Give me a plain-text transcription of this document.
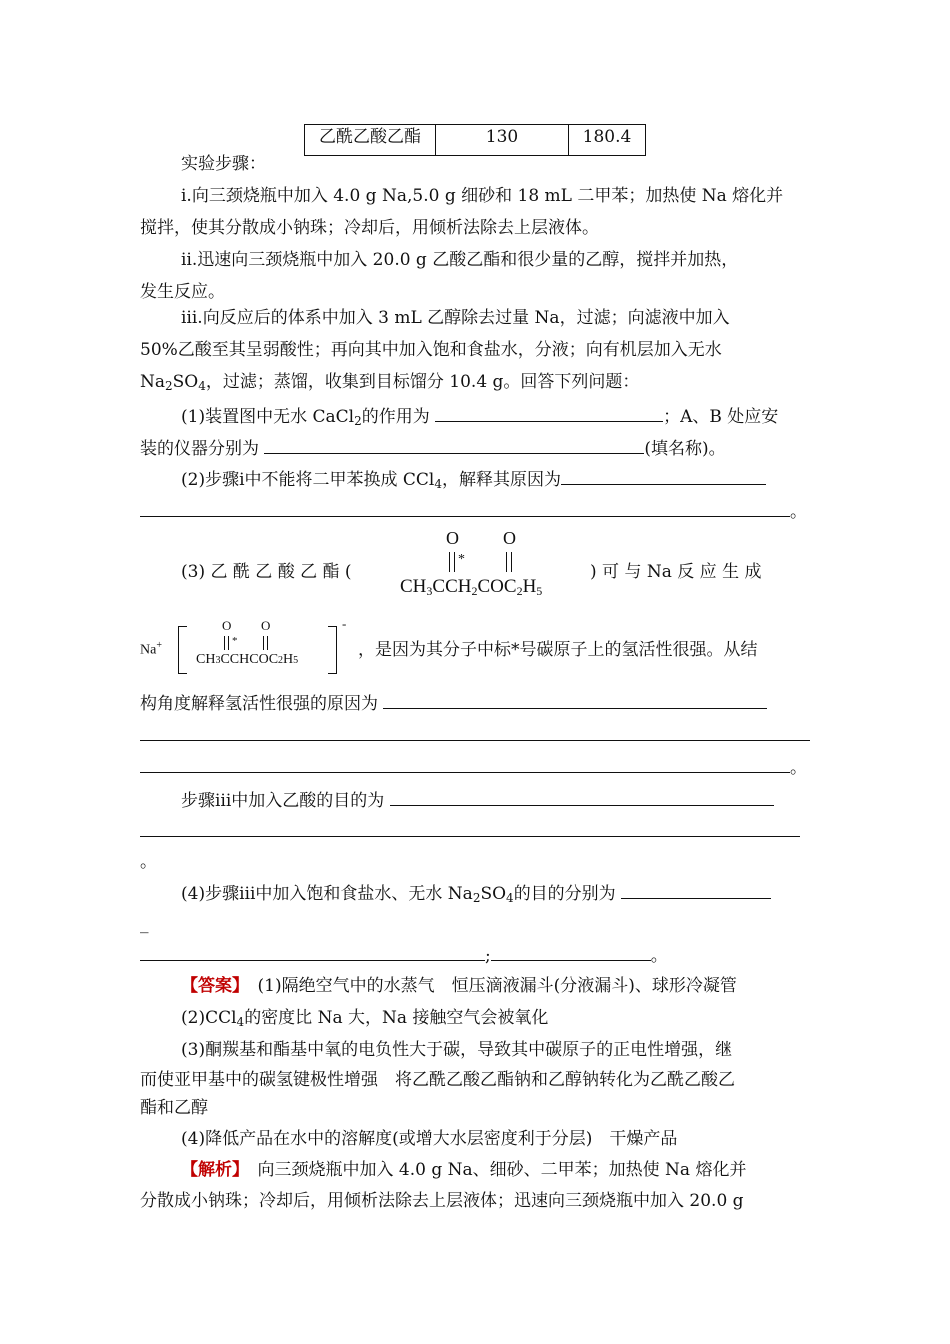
乙酰乙酸乙酯	130	180.4
实验步骤：
ⅰ.向三颈烧瓶中加入 4.0 g Na,5.0 g 细砂和 18 mL 二甲苯；加热使 Na 熔化并
搅拌，使其分散成小钠珠；冷却后，用倾析法除去上层液体。
ⅱ.迅速向三颈烧瓶中加入 20.0 g 乙酸乙酯和很少量的乙醇，搅拌并加热，
发生反应。
ⅲ.向反应后的体系中加入 3 mL 乙醇除去过量 Na，过滤；向滤液中加入
50%乙酸至其呈弱酸性；再向其中加入饱和食盐水，分液；向有机层加入无水
$Na_2SO_4$，过滤；蒸馏，收集到目标馏分 10.4 g。回答下列问题：
(1)装置图中无水 CaCl$_2$的作用为	；A、B 处应安
装的仪器分别为	(填名称)。
(2)步骤ⅰ中不能将二甲苯换成 CCl$_4$，解释其原因为
。
(3) 乙 酰 乙 酸 乙 酯 (
O O
*
$CH_3CCH_2COC_2H_5$
) 可 与 Na 反 应 生 成
Na+
O O
*
CH3CCHCOC2H5
-
，是因为其分子中标*号碳原子上的氢活性很强。从结
构角度解释氢活性很强的原因为
。
步骤ⅲ中加入乙酸的目的为
。
(4)步骤ⅲ中加入饱和食盐水、无水 $Na_2SO_4$的目的分别为
_
;	。
【答案】　 (1)隔绝空气中的水蒸气　恒压滴液漏斗(分液漏斗)、球形冷凝管
(2)CCl$_4$的密度比 Na 大，Na 接触空气会被氧化
(3)酮羰基和酯基中氧的电负性大于碳，导致其中碳原子的正电性增强，继
而使亚甲基中的碳氢键极性增强　将乙酰乙酸乙酯钠和乙醇钠转化为乙酰乙酸乙
酯和乙醇
(4)降低产品在水中的溶解度(或增大水层密度利于分层)　干燥产品
【解析】　向三颈烧瓶中加入 4.0 g Na、细砂、二甲苯；加热使 Na 熔化并
分散成小钠珠；冷却后，用倾析法除去上层液体；迅速向三颈烧瓶中加入 20.0 g
